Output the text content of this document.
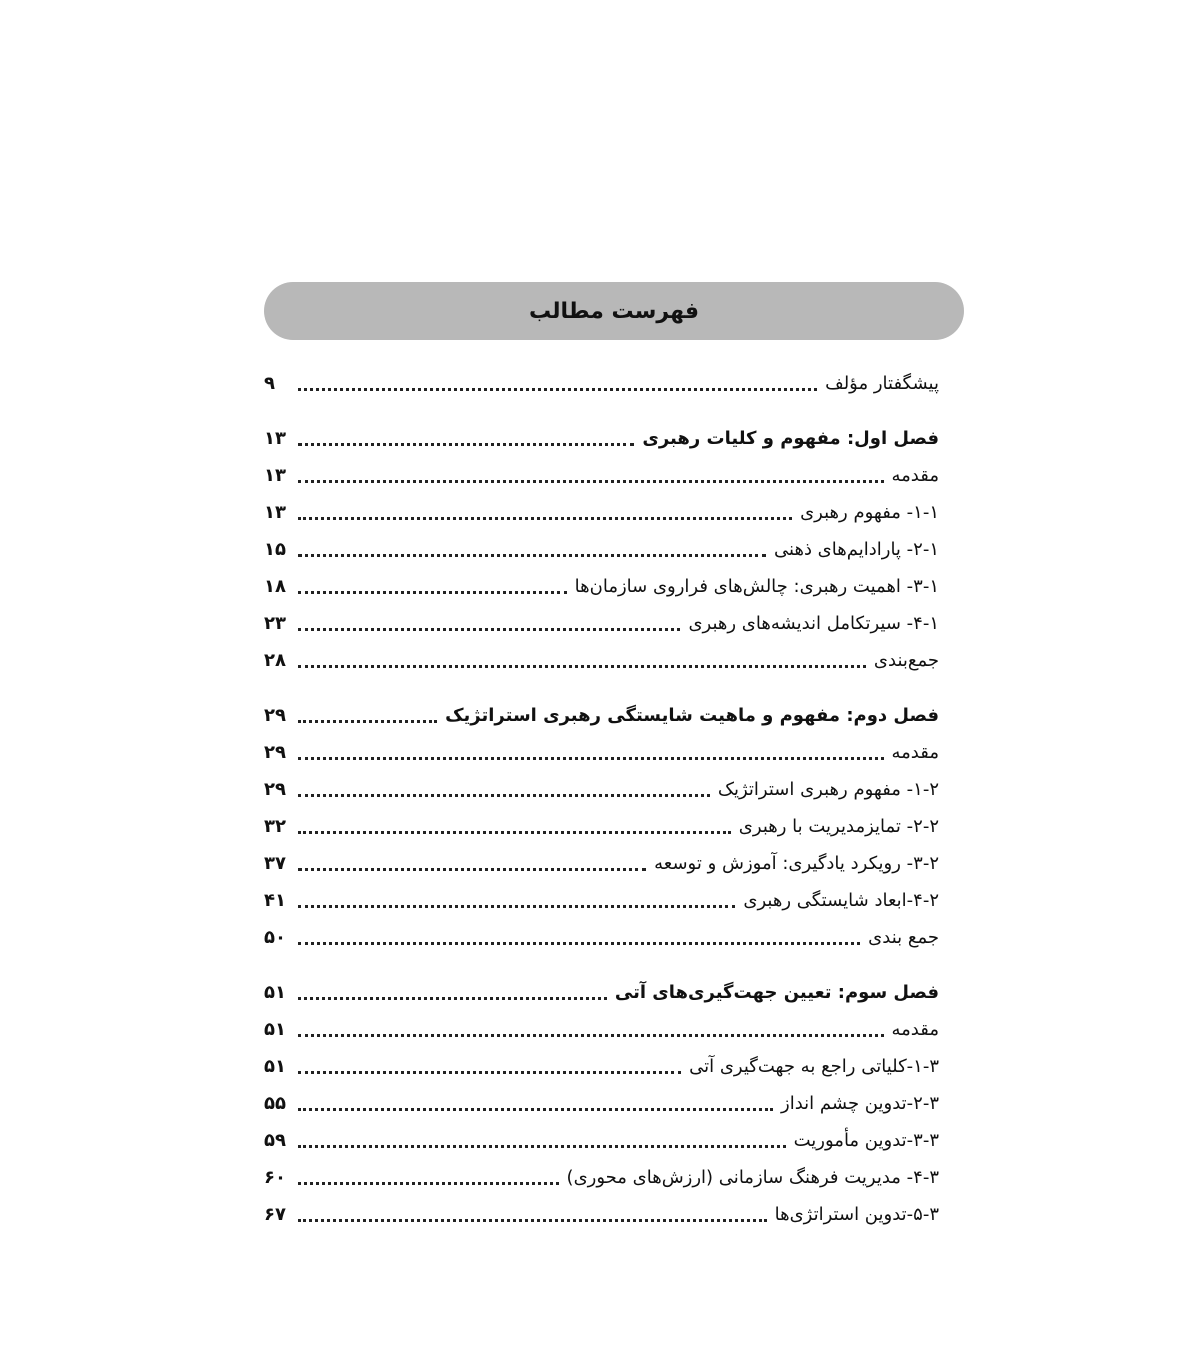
فهرست مطالب
پیشگفتار مؤلف
۹
فصل اول: مفهوم و کلیات رهبری
۱۳
مقدمه
۱۳
۱-۱- مفهوم رهبری
۱۳
۲-۱- پارادایم‌های ذهنی
۱۵
۳-۱- اهمیت رهبری: چالش‌های فراروی سازمان‌ها
۱۸
۴-۱- سیرتکامل اندیشه‌های رهبری
۲۳
جمع‌بندی
۲۸
فصل دوم: مفهوم و ماهیت شایستگی رهبری استراتژیک
۲۹
مقدمه
۲۹
۱-۲- مفهوم رهبری استراتژیک
۲۹
۲-۲- تمایزمدیریت با رهبری
۳۲
۳-۲- رویکرد یادگیری: آموزش و توسعه
۳۷
۴-۲-ابعاد شایستگی رهبری
۴۱
جمع بندی
۵۰
فصل سوم: تعیین جهت‌گیری‌های آتی
۵۱
مقدمه
۵۱
۱-۳-کلیاتی راجع به جهت‌گیری آتی
۵۱
۲-۳-تدوین چشم انداز
۵۵
۳-۳-تدوین مأموریت
۵۹
۴-۳- مدیریت فرهنگ سازمانی (ارزش‌های محوری)
۶۰
۵-۳-تدوین استراتژی‌ها
۶۷
